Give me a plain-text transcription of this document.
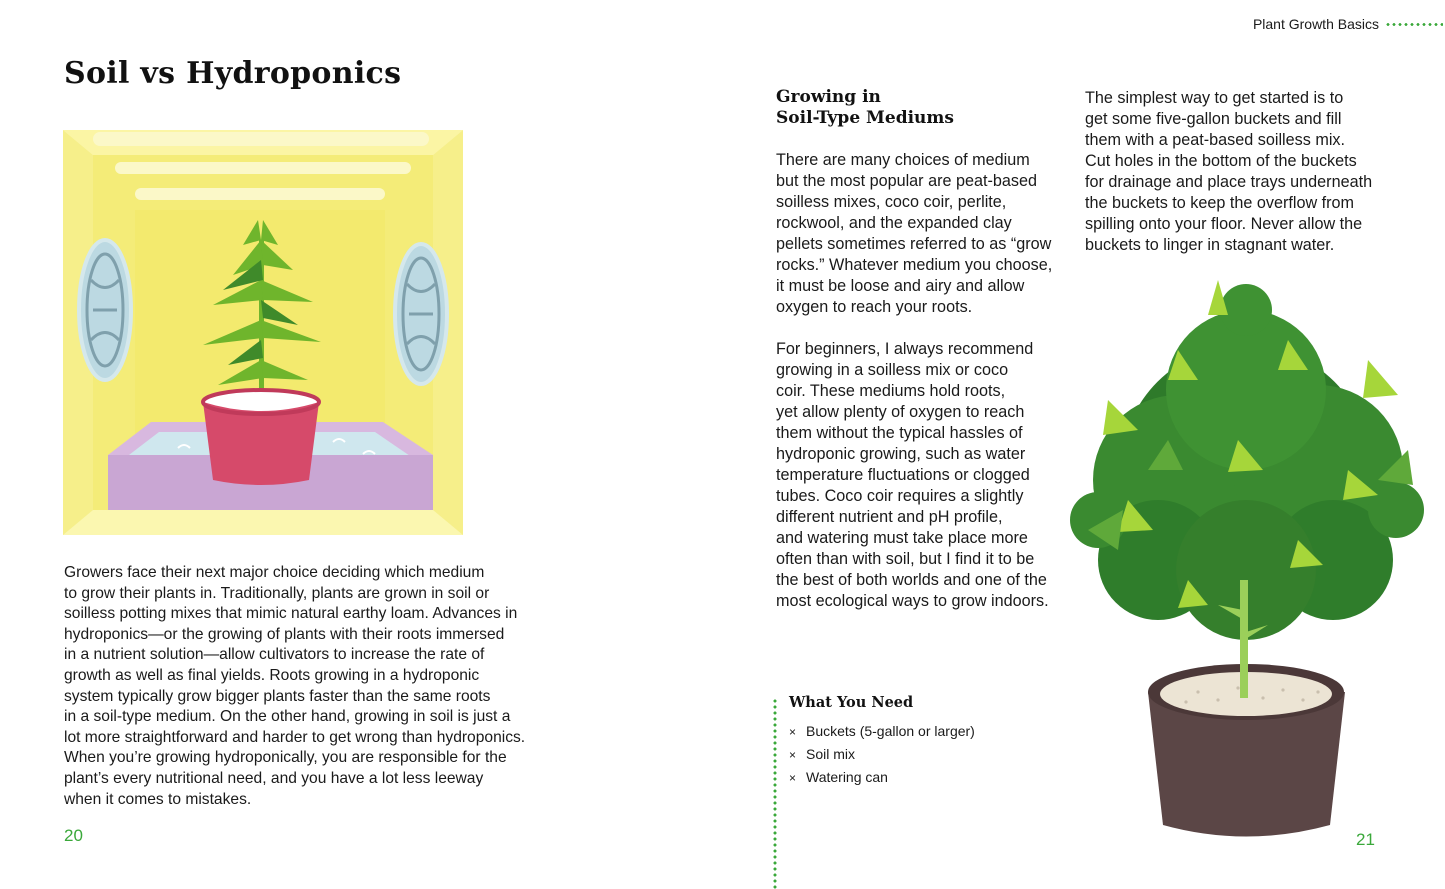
Plant Growth Basics
Soil vs Hydroponics
Growers face their next major choice deciding which medium
to grow their plants in. Traditionally, plants are grown in soil or
soilless potting mixes that mimic natural earthy loam. Advances in
hydroponics—or the growing of plants with their roots immersed
in a nutrient solution—allow cultivators to increase the rate of
growth as well as final yields. Roots growing in a hydroponic
system typically grow bigger plants faster than the same roots
in a soil-type medium. On the other hand, growing in soil is just a
lot more straightforward and harder to get wrong than hydroponics.
When you’re growing hydroponically, you are responsible for the
plant’s every nutritional need, and you have a lot less leeway
when it comes to mistakes.
20
Growing in
Soil-Type Mediums
There are many choices of medium
but the most popular are peat-based
soilless mixes, coco coir, perlite,
rockwool, and the expanded clay
pellets sometimes referred to as “grow
rocks.” Whatever medium you choose,
it must be loose and airy and allow
oxygen to reach your roots.
For beginners, I always recommend
growing in a soilless mix or coco
coir. These mediums hold roots,
yet allow plenty of oxygen to reach
them without the typical hassles of
hydroponic growing, such as water
temperature fluctuations or clogged
tubes. Coco coir requires a slightly
different nutrient and pH profile,
and watering must take place more
often than with soil, but I find it to be
the best of both worlds and one of the
most ecological ways to grow indoors.
The simplest way to get started is to
get some five-gallon buckets and fill
them with a peat-based soilless mix.
Cut holes in the bottom of the buckets
for drainage and place trays underneath
the buckets to keep the overflow from
spilling onto your floor. Never allow the
buckets to linger in stagnant water.
What You Need
× Buckets (5-gallon or larger)
× Soil mix
× Watering can
21
